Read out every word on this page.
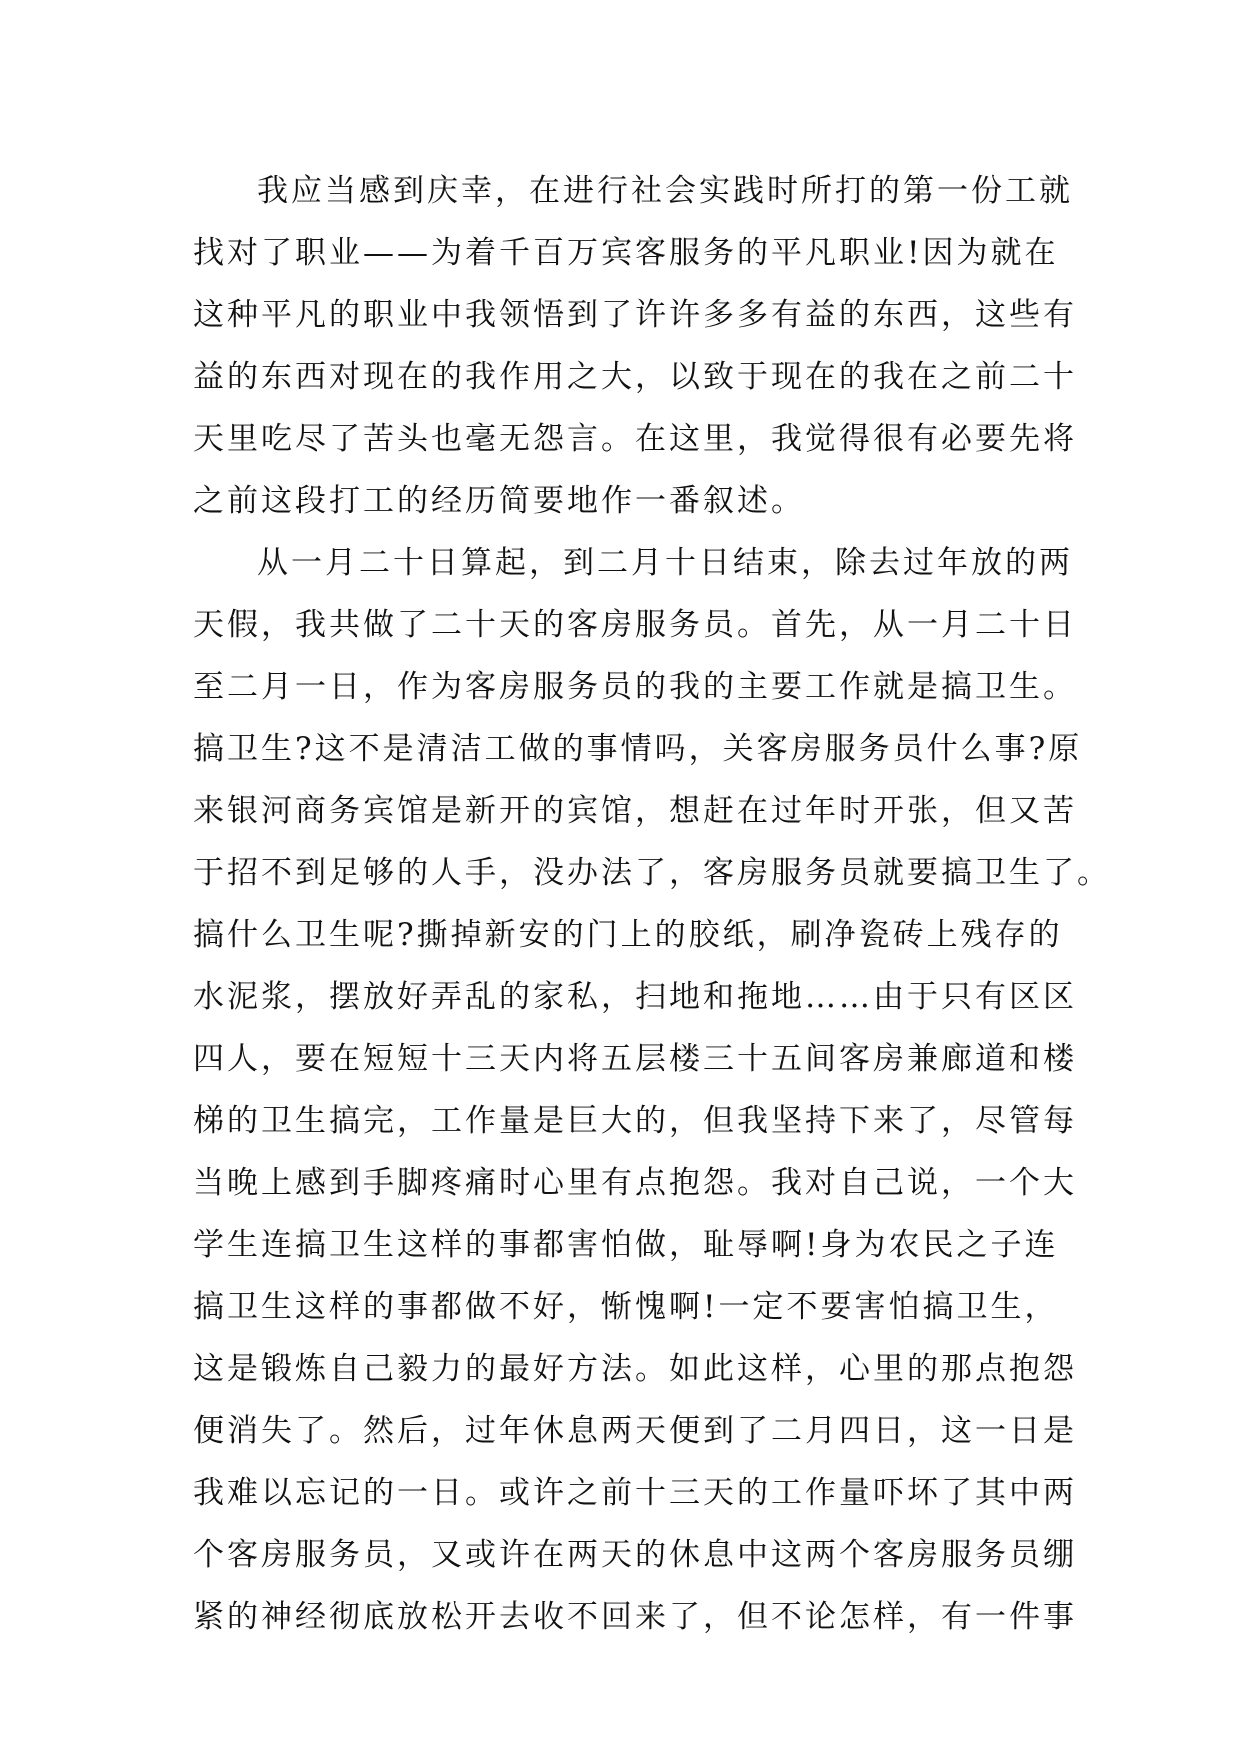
我应当感到庆幸，在进行社会实践时所打的第一份工就
找对了职业——为着千百万宾客服务的平凡职业!因为就在
这种平凡的职业中我领悟到了许许多多有益的东西，这些有
益的东西对现在的我作用之大，以致于现在的我在之前二十
天里吃尽了苦头也毫无怨言。在这里，我觉得很有必要先将
之前这段打工的经历简要地作一番叙述。
从一月二十日算起，到二月十日结束，除去过年放的两
天假，我共做了二十天的客房服务员。首先，从一月二十日
至二月一日，作为客房服务员的我的主要工作就是搞卫生。
搞卫生?这不是清洁工做的事情吗，关客房服务员什么事?原
来银河商务宾馆是新开的宾馆，想赶在过年时开张，但又苦
于招不到足够的人手，没办法了，客房服务员就要搞卫生了。
搞什么卫生呢?撕掉新安的门上的胶纸，刷净瓷砖上残存的
水泥浆，摆放好弄乱的家私，扫地和拖地……由于只有区区
四人，要在短短十三天内将五层楼三十五间客房兼廊道和楼
梯的卫生搞完，工作量是巨大的，但我坚持下来了，尽管每
当晚上感到手脚疼痛时心里有点抱怨。我对自己说，一个大
学生连搞卫生这样的事都害怕做，耻辱啊!身为农民之子连
搞卫生这样的事都做不好，惭愧啊!一定不要害怕搞卫生，
这是锻炼自己毅力的最好方法。如此这样，心里的那点抱怨
便消失了。然后，过年休息两天便到了二月四日，这一日是
我难以忘记的一日。或许之前十三天的工作量吓坏了其中两
个客房服务员，又或许在两天的休息中这两个客房服务员绷
紧的神经彻底放松开去收不回来了，但不论怎样，有一件事
